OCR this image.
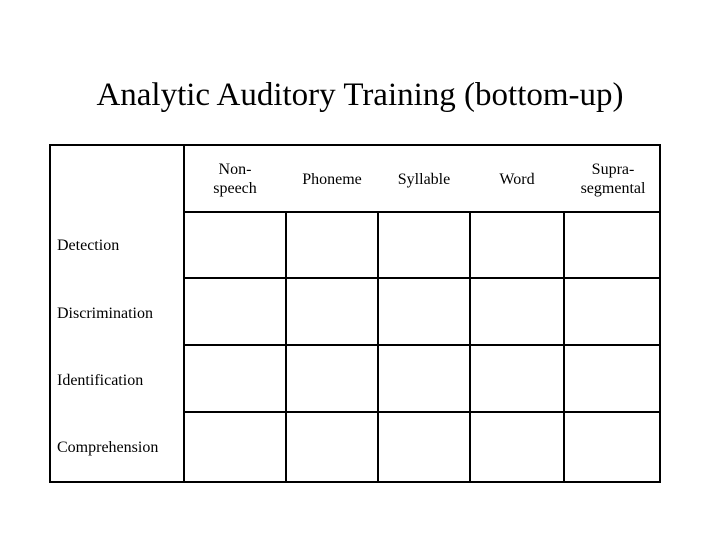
Analytic Auditory Training (bottom-up)
Non-
speech
Phoneme	Syllable	Word
Supra-
segmental
Detection
Discrimination
Identification
Comprehension
